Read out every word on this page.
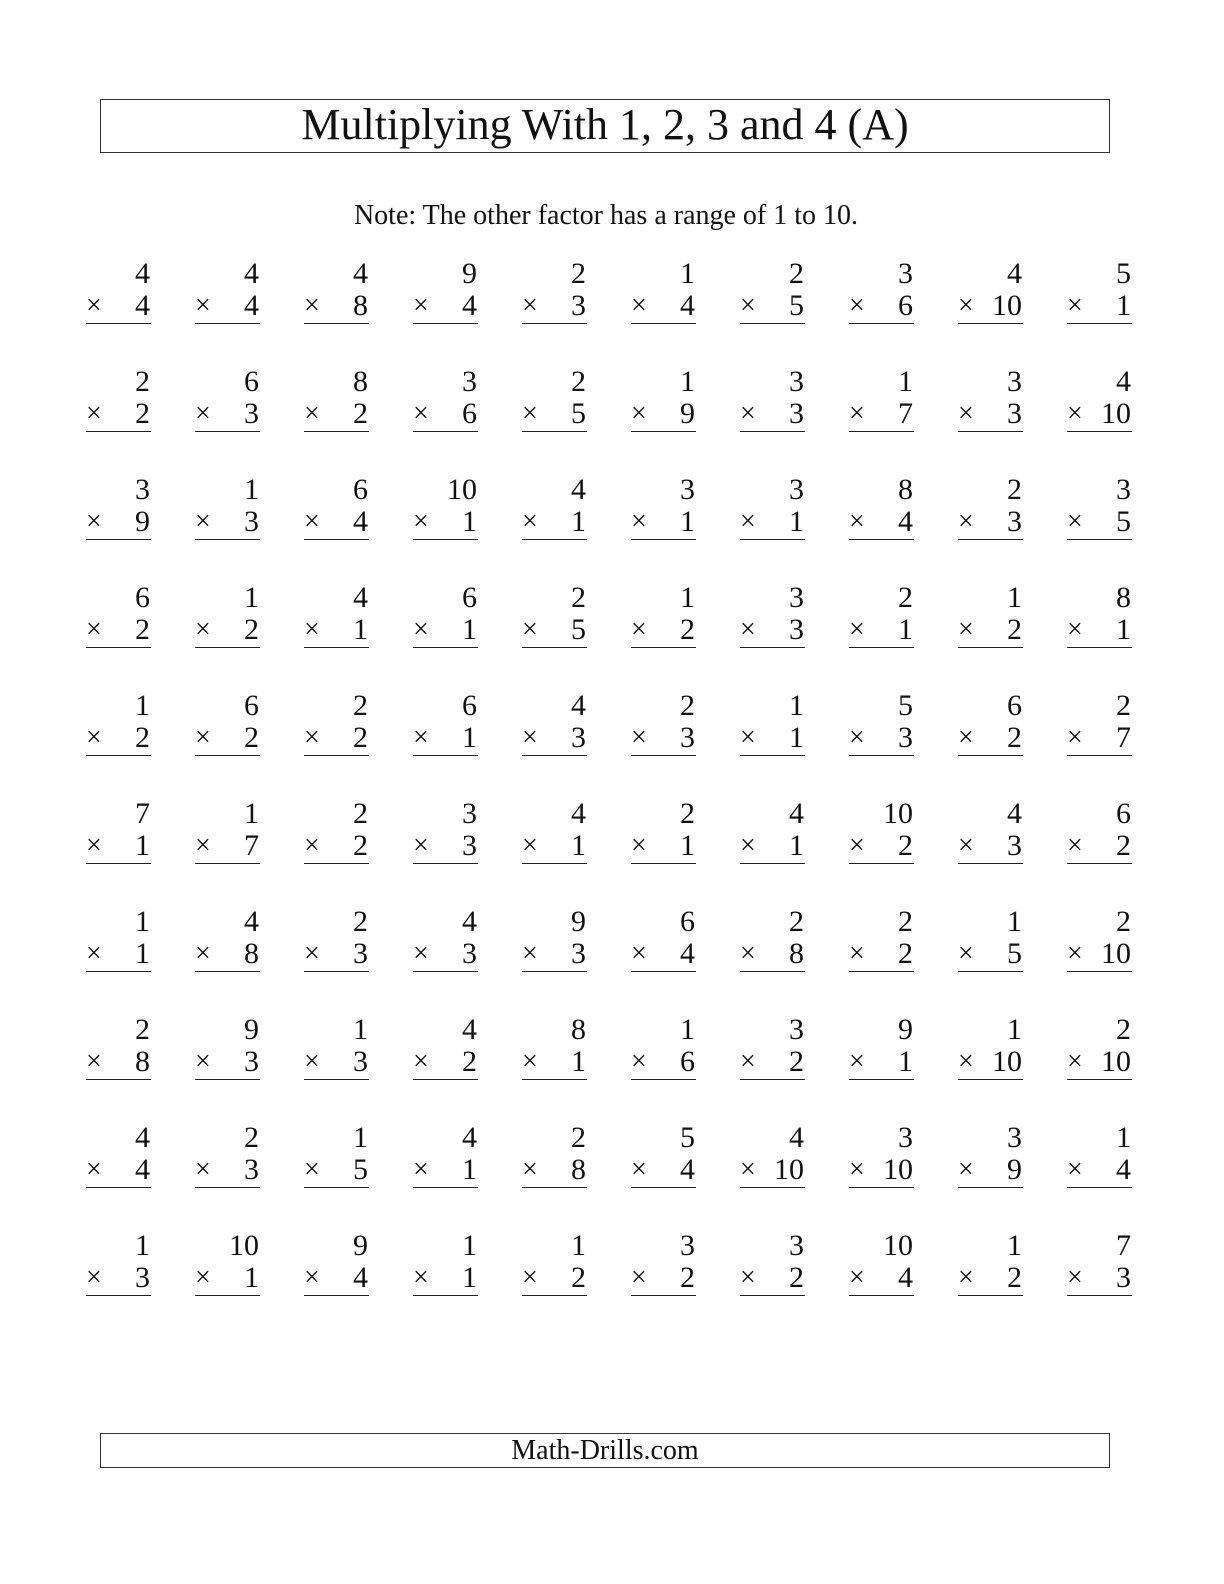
Multiplying With 1, 2, 3 and 4 (A)
Note: The other factor has a range of 1 to 10.
4
× 4
4
× 4
4
× 8
9
× 4
2
× 3
1
× 4
2
× 5
3
× 6
4
× 10
5
× 1
2
× 2
6
× 3
8
× 2
3
× 6
2
× 5
1
× 9
3
× 3
1
× 7
3
× 3
4
× 10
3
× 9
1
× 3
6
× 4
10
× 1
4
× 1
3
× 1
3
× 1
8
× 4
2
× 3
3
× 5
6
× 2
1
× 2
4
× 1
6
× 1
2
× 5
1
× 2
3
× 3
2
× 1
1
× 2
8
× 1
1
× 2
6
× 2
2
× 2
6
× 1
4
× 3
2
× 3
1
× 1
5
× 3
6
× 2
2
× 7
7
× 1
1
× 7
2
× 2
3
× 3
4
× 1
2
× 1
4
× 1
10
× 2
4
× 3
6
× 2
1
× 1
4
× 8
2
× 3
4
× 3
9
× 3
6
× 4
2
× 8
2
× 2
1
× 5
2
× 10
2
× 8
9
× 3
1
× 3
4
× 2
8
× 1
1
× 6
3
× 2
9
× 1
1
× 10
2
× 10
4
× 4
2
× 3
1
× 5
4
× 1
2
× 8
5
× 4
4
× 10
3
× 10
3
× 9
1
× 4
1
× 3
10
× 1
9
× 4
1
× 1
1
× 2
3
× 2
3
× 2
10
× 4
1
× 2
7
× 3
Math-Drills.com
